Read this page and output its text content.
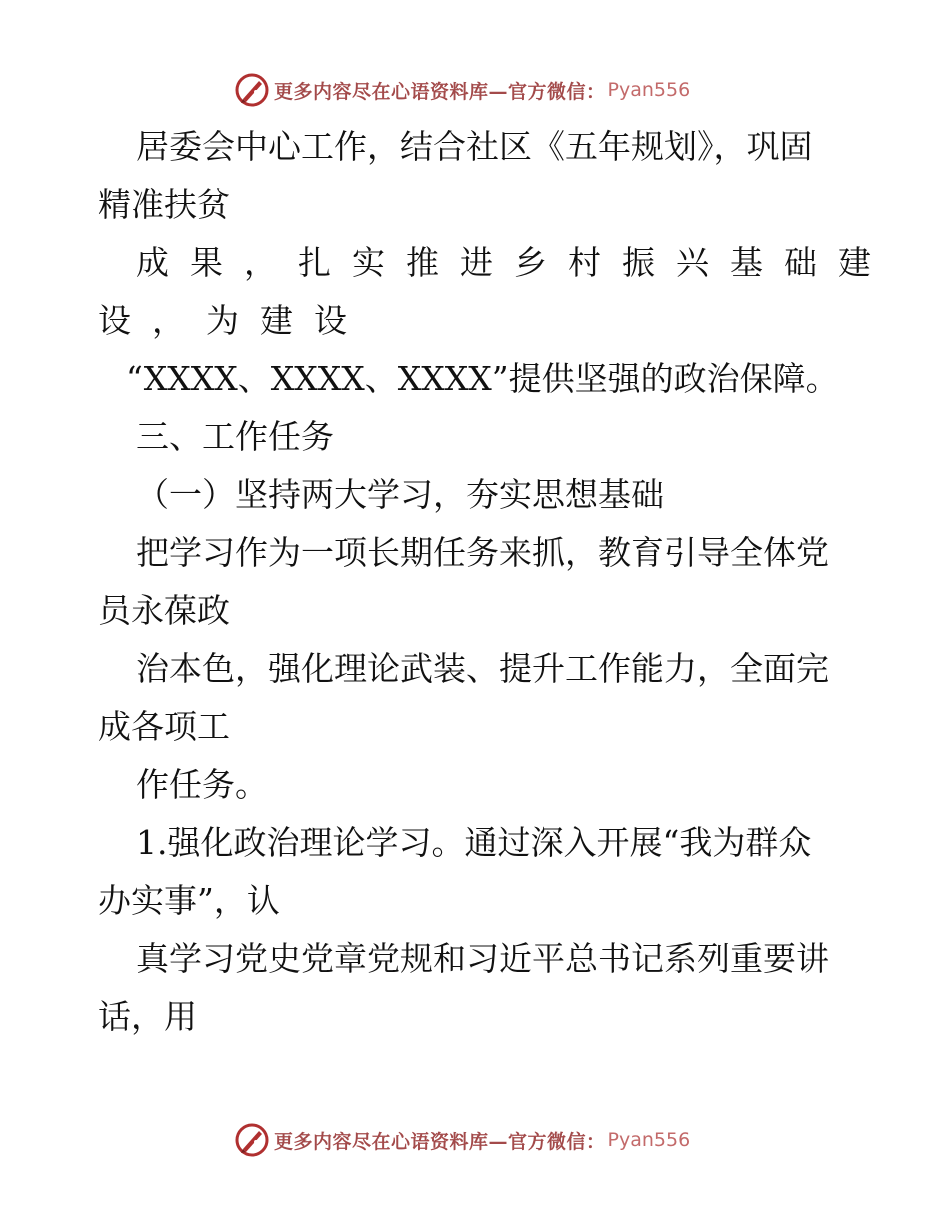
更多内容尽在心语资料库 —官方微信： Pyan556
居委会中心工作，结合社区《五年规划》，巩固
精准扶贫
成果，扎实推进乡村振兴基础建
设，为建设
“XXXX、XXXX、XXXX”提供坚强的政治保障。
三、工作任务
（一）坚持两大学习，夯实思想基础
把学习作为一项长期任务来抓，教育引导全体党
员永葆政
治本色，强化理论武装、提升工作能力，全面完
成各项工
作任务。
1.强化政治理论学习。通过深入开展“我为群众
办实事”，认
真学习党史党章党规和习近平总书记系列重要讲
话，用
更多内容尽在心语资料库 —官方微信： Pyan556
